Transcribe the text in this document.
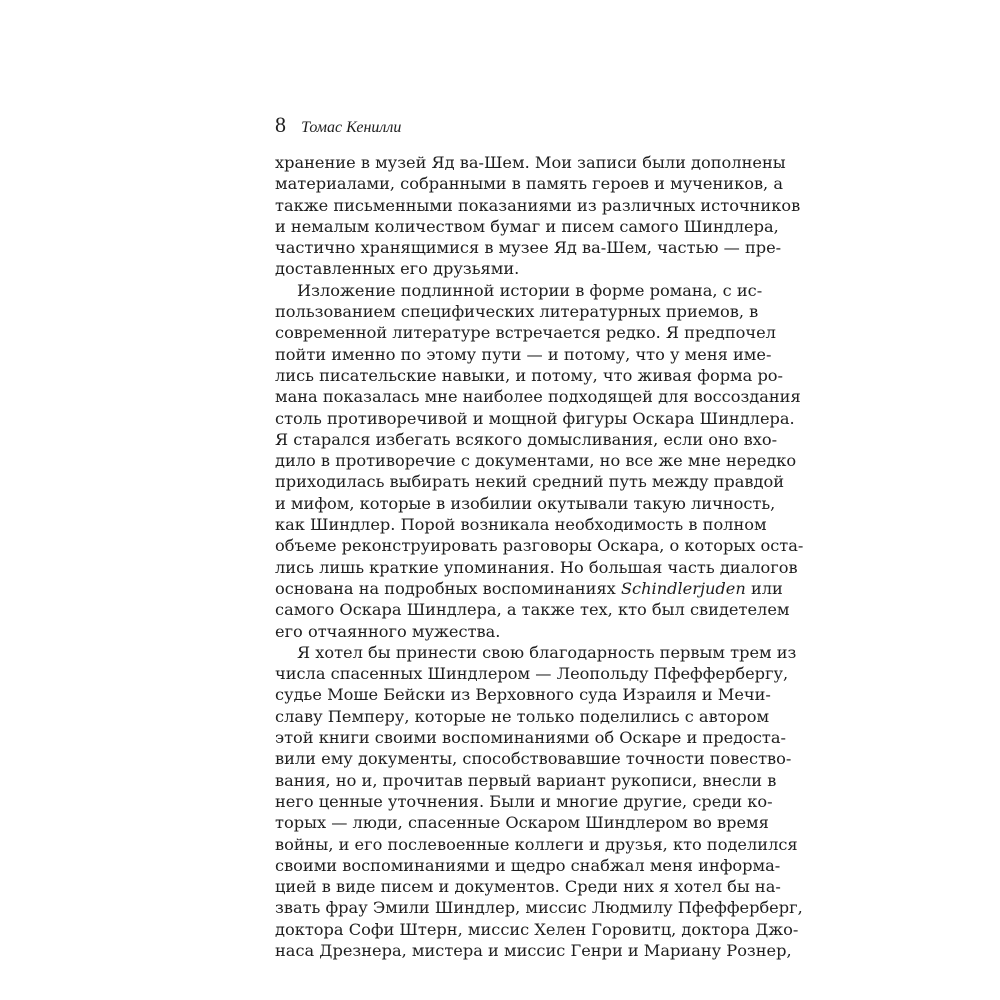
8 Томас Кенилли
хранение в музей Яд ва-Шем. Мои записи были дополнены
материалами, собранными в память героев и мучеников, а
также письменными показаниями из различных источников
и немалым количеством бумаг и писем самого Шиндлера,
частично хранящимися в музее Яд ва-Шем, частью — пре-
доставленных его друзьями.
Изложение подлинной истории в форме романа, с ис-
пользованием специфических литературных приемов, в
современной литературе встречается редко. Я предпочел
пойти именно по этому пути — и потому, что у меня име-
лись писательские навыки, и потому, что живая форма ро-
мана показалась мне наиболее подходящей для воссоздания
столь противоречивой и мощной фигуры Оскара Шиндлера.
Я старался избегать всякого домысливания, если оно вхо-
дило в противоречие с документами, но все же мне нередко
приходилась выбирать некий средний путь между правдой
и мифом, которые в изобилии окутывали такую личность,
как Шиндлер. Порой возникала необходимость в полном
объеме реконструировать разговоры Оскара, о которых оста-
лись лишь краткие упоминания. Но большая часть диалогов
основана на подробных воспоминаниях Schindlerjuden или
самого Оскара Шиндлера, а также тех, кто был свидетелем
его отчаянного мужества.
Я хотел бы принести свою благодарность первым трем из
числа спасенных Шиндлером — Леопольду Пфеффербергу,
судье Моше Бейски из Верховного суда Израиля и Мечи-
славу Пемперу, которые не только поделились с автором
этой книги своими воспоминаниями об Оскаре и предоста-
вили ему документы, способствовавшие точности повество-
вания, но и, прочитав первый вариант рукописи, внесли в
него ценные уточнения. Были и многие другие, среди ко-
торых — люди, спасенные Оскаром Шиндлером во время
войны, и его послевоенные коллеги и друзья, кто поделился
своими воспоминаниями и щедро снабжал меня информа-
цией в виде писем и документов. Среди них я хотел бы на-
звать фрау Эмили Шиндлер, миссис Людмилу Пфефферберг,
доктора Софи Штерн, миссис Хелен Горовитц, доктора Джо-
наса Дрезнера, мистера и миссис Генри и Мариану Рознер,
